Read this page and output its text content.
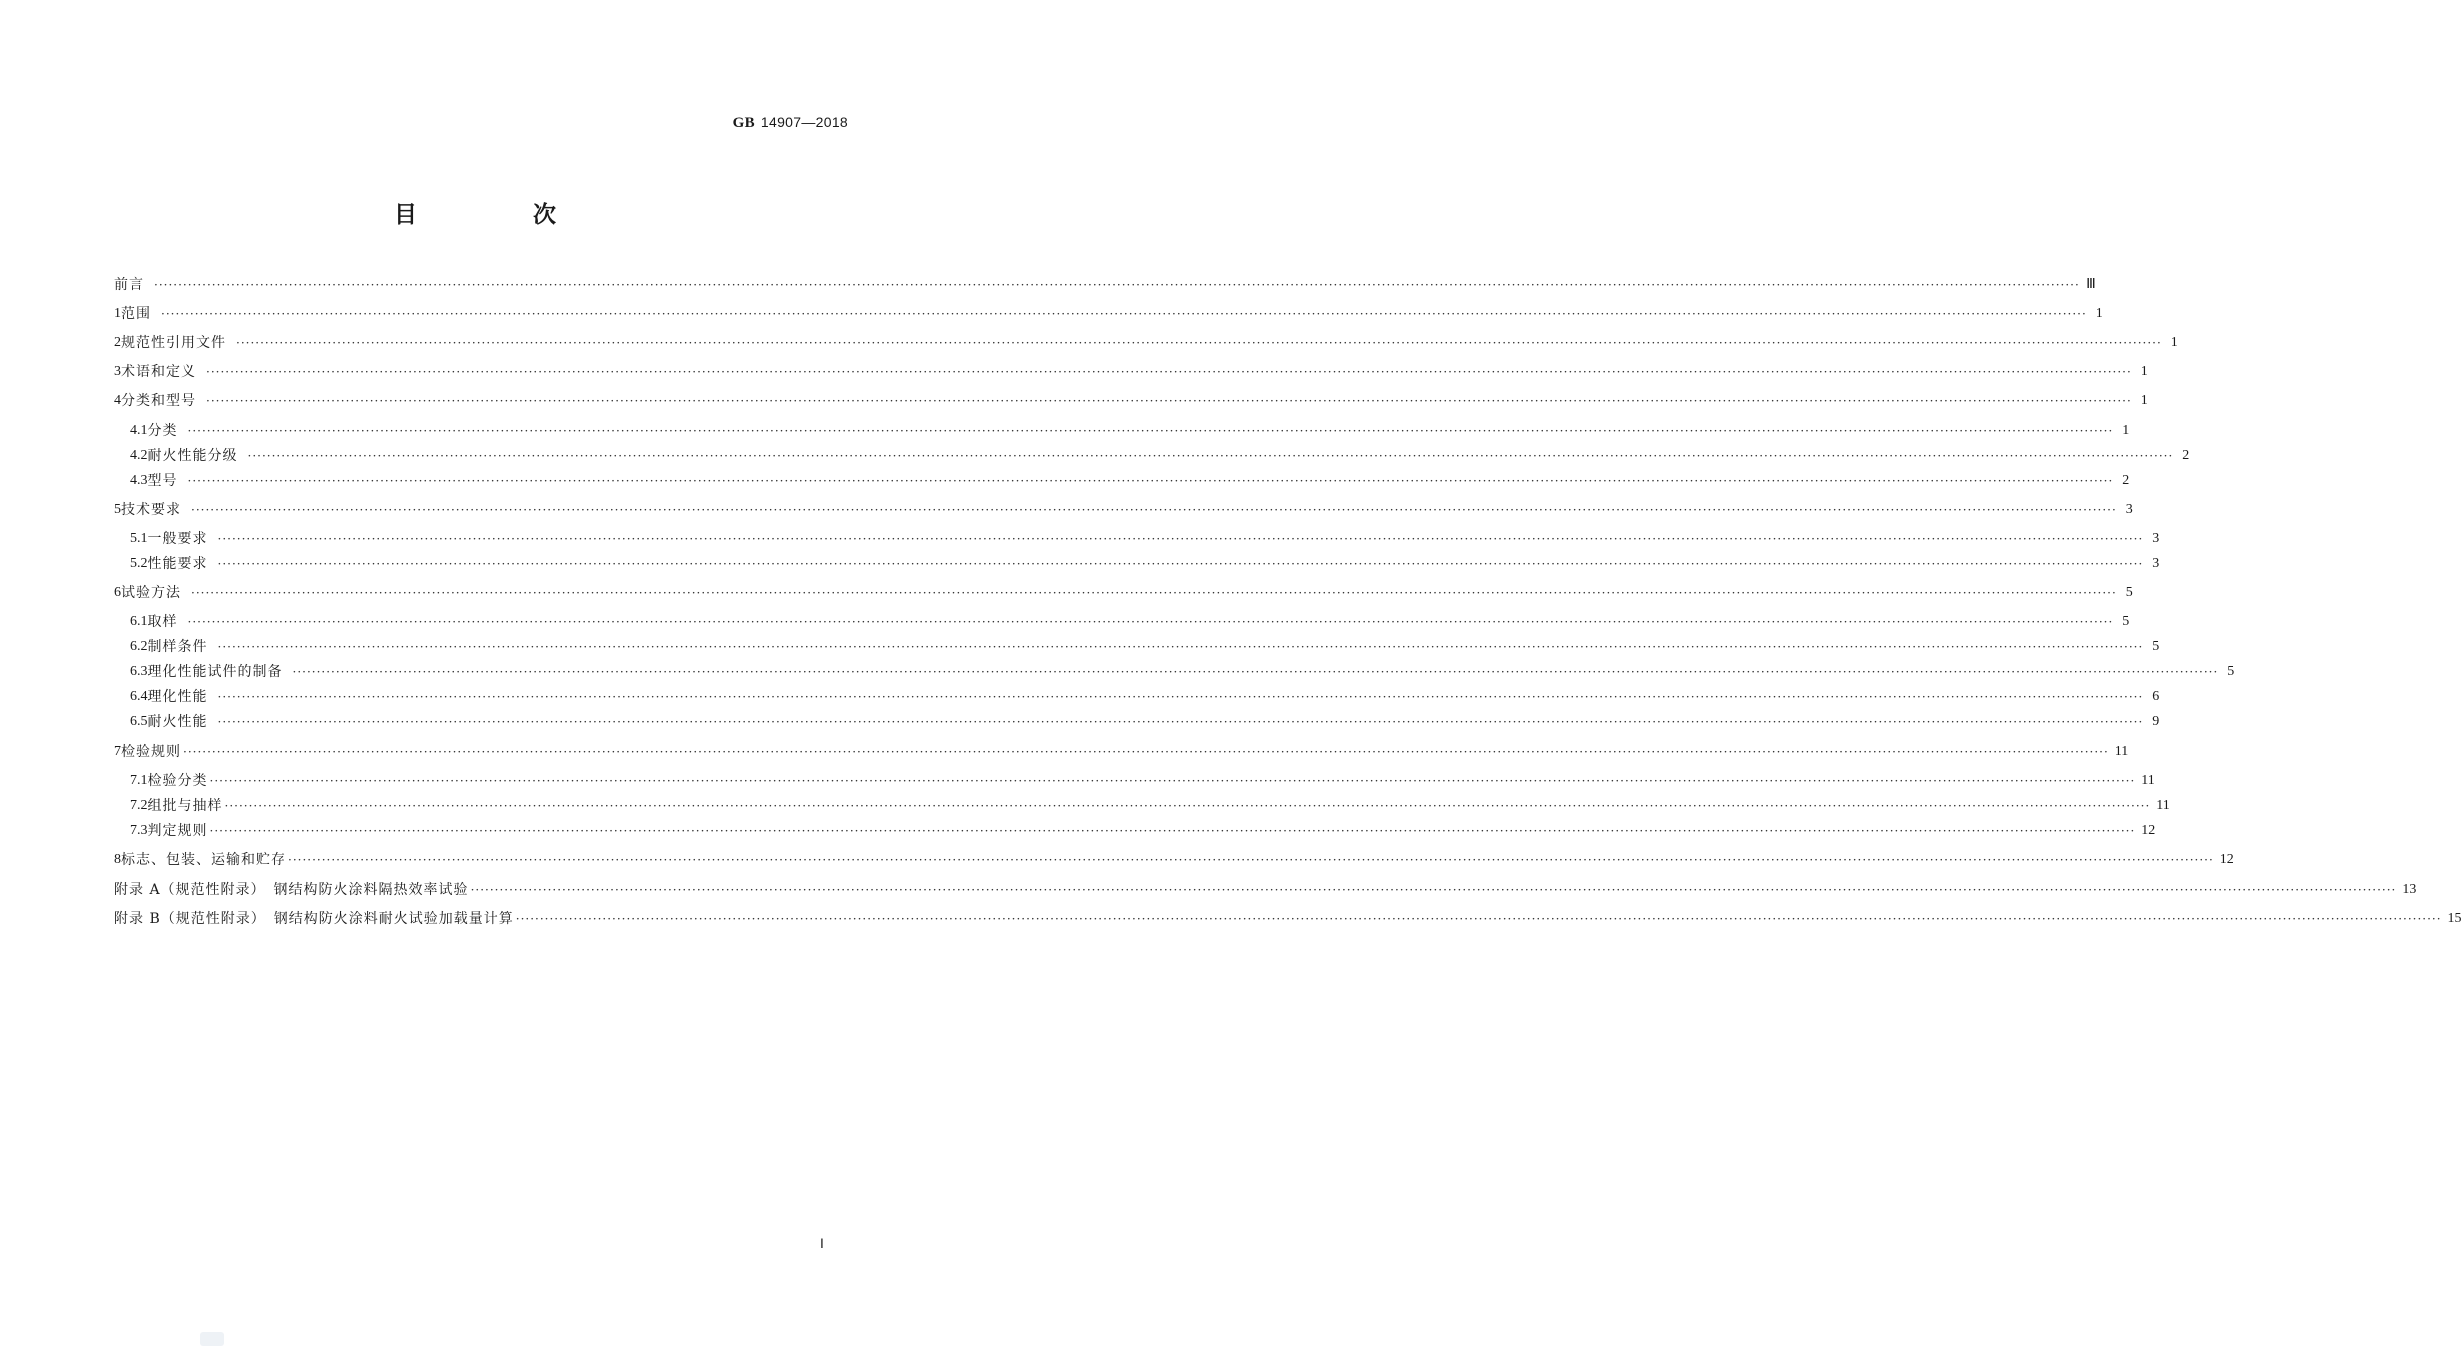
GB 14907—2018
目 次
前言 ················································································································································································································································································································································································································ Ⅲ
1 范围 ················································································································································································································································································································································································································ 1
2 规范性引用文件 ················································································································································································································································································································································································································ 1
3 术语和定义 ················································································································································································································································································································································································································ 1
4 分类和型号 ················································································································································································································································································································································································································ 1
4.1 分类 ················································································································································································································································································································································································································ 1
4.2 耐火性能分级 ················································································································································································································································································································································································································ 2
4.3 型号 ················································································································································································································································································································································································································ 2
5 技术要求 ················································································································································································································································································································································································································ 3
5.1 一般要求 ················································································································································································································································································································································································································ 3
5.2 性能要求 ················································································································································································································································································································································································································ 3
6 试验方法 ················································································································································································································································································································································································································ 5
6.1 取样 ················································································································································································································································································································································································································ 5
6.2 制样条件 ················································································································································································································································································································································································································ 5
6.3 理化性能试件的制备 ················································································································································································································································································································································································································ 5
6.4 理化性能 ················································································································································································································································································································································································································ 6
6.5 耐火性能 ················································································································································································································································································································································································································ 9
7 检验规则 ················································································································································································································································································································································································································ 11
7.1 检验分类 ················································································································································································································································································································································································································ 11
7.2 组批与抽样 ················································································································································································································································································································································································································ 11
7.3 判定规则 ················································································································································································································································································································································································································ 12
8 标志、包装、运输和贮存 ················································································································································································································································································································································································································ 12
附录 A（规范性附录）　钢结构防火涂料隔热效率试验 ················································································································································································································································································································································································································ 13
附录 B（规范性附录）　钢结构防火涂料耐火试验加载量计算 ················································································································································································································································································································································································································ 15
Ⅰ
